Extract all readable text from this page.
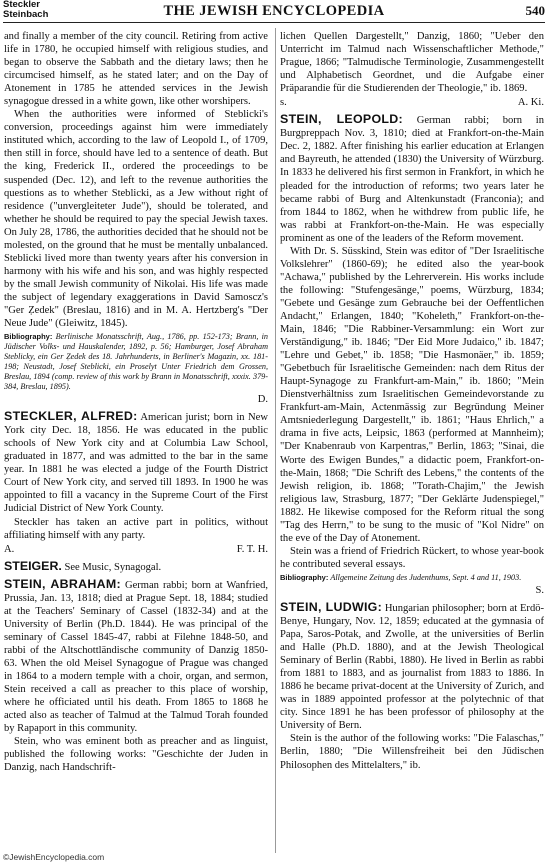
Steckler
Steinbach	THE JEWISH ENCYCLOPEDIA	540

and finally a member of the city council. Retiring from active life in 1780, he occupied himself with religious studies, and began to observe the Sabbath and the dietary laws; then he circumcised himself, as he stated later; and on the Day of Atonement in 1785 he attended services in the Jewish synagogue dressed in a white gown, like other worshipers.

When the authorities were informed of Steblicki's conversion, proceedings against him were immediately instituted which, according to the law of Leopold I., of 1709, then still in force, should have led to a sentence of death. But the king, Frederick II., ordered the proceedings to be suspended (Dec. 12), and left to the revenue authorities the questions as to whether Steblicki, as a Jew without right of residence ("unvergleiteter Jude"), should be tolerated, and whether he should be required to pay the special Jewish taxes. On July 28, 1786, the authorities decided that he should not be molested, on the ground that he must be mentally unbalanced. Steblicki lived more than twenty years after his conversion in harmony with his wife and his son, and was highly respected by the small Jewish community of Nikolai. His life was made the subject of legendary exaggerations in David Samoscz's "Ger Ẓedek" (Breslau, 1816) and in M. A. Hertzberg's "Der Neue Jude" (Gleiwitz, 1845).

Bibliography: Berlinische Monatsschrift, Aug., 1786, pp. 152-173; Brann, in Jüdischer Volks- und Hauskalender, 1892, p. 56; Hamburger, Josef Abraham Steblicky, ein Ger Ẓedek des 18. Jahrhunderts, in Berliner's Magazin, xx. 181-198; Neustadt, Josef Steblicki, ein Proselyt Unter Friedrich dem Grossen, Breslau, 1894 (comp. review of this work by Brann in Monatsschrift, xxxix. 379-384, Breslau, 1895).

D.

STECKLER, ALFRED: American jurist; born in New York city Dec. 18, 1856. He was educated in the public schools of New York city and at Columbia Law School, graduated in 1877, and was admitted to the bar in the same year. In 1881 he was elected a judge of the Fourth District Court of New York city, and served till 1893. In 1900 he was appointed to fill a vacancy in the Supreme Court of the First Judicial District of New York County.

Steckler has taken an active part in politics, without affiliating himself with any party.

A.	F. T. H.

STEIGER. See Music, Synagogal.

STEIN, ABRAHAM: German rabbi; born at Wanfried, Prussia, Jan. 13, 1818; died at Prague Sept. 18, 1884; studied at the Teachers' Seminary of Cassel (1832-34) and at the University of Berlin (Ph.D. 1844). He was principal of the seminary of Cassel 1845-47, rabbi at Filehne 1848-50, and rabbi of the Altschottländische community of Danzig 1850-63. When the old Meisel Synagogue of Prague was changed in 1864 to a modern temple with a choir, organ, and sermon, Stein received a call as preacher to this place of worship, where he officiated until his death. From 1865 to 1868 he acted also as teacher of Talmud at the Talmud Torah founded by Rapaport in this community.

Stein, who was eminent both as preacher and as linguist, published the following works: "Geschichte der Juden in Danzig, nach Handschrift-

lichen Quellen Dargestellt," Danzig, 1860; "Ueber den Unterricht im Talmud nach Wissenschaftlicher Methode," Prague, 1866; "Talmudische Terminologie, Zusammengestellt und Alphabetisch Geordnet, und die Aufgabe einer Präparandie für die Studierenden der Theologie," ib. 1869.

s.	A. Ki.

STEIN, LEOPOLD: German rabbi; born in Burgpreppach Nov. 3, 1810; died at Frankfort-on-the-Main Dec. 2, 1882. After finishing his earlier education at Erlangen and Bayreuth, he attended (1830) the University of Würzburg. In 1833 he delivered his first sermon in Frankfort, in which he pleaded for the introduction of reforms; two years later he became rabbi of Burg and Altenkunstadt (Franconia); and from 1844 to 1862, when he withdrew from public life, he was rabbi at Frankfort-on-the-Main. He was especially prominent as one of the leaders of the Reform movement.

With Dr. S. Süsskind, Stein was editor of "Der Israelitische Volkslehrer" (1860-69); he edited also the year-book "Achawa," published by the Lehrerverein. His works include the following: "Stufengesänge," poems, Würzburg, 1834; "Gebete und Gesänge zum Gebrauche bei der Oeffentlichen Andacht," Erlangen, 1840; "Koheleth," Frankfort-on-the-Main, 1846; "Die Rabbiner-Versammlung: ein Wort zur Verständigung," ib. 1846; "Der Eid More Judaico," ib. 1847; "Lehre und Gebet," ib. 1858; "Die Hasmonäer," ib. 1859; "Gebetbuch für Israelitische Gemeinden: nach dem Ritus der Haupt-Synagoge zu Frankfurt-am-Main," ib. 1860; "Mein Dienstverhältniss zum Israelitischen Gemeindevorstande zu Frankfurt-am-Main, Actenmässig zur Begründung Meiner Amtsniederlegung Dargestellt," ib. 1861; "Haus Ehrlich," a drama in five acts, Leipsic, 1863 (performed at Mannheim); "Der Knabenraub von Karpentras," Berlin, 1863; "Sinai, die Worte des Ewigen Bundes," a didactic poem, Frankfort-on-the-Main, 1868; "Die Schrift des Lebens," the contents of the Jewish religion, ib. 1868; "Torath-Chajim," the Jewish religious law, Strasburg, 1877; "Der Geklärte Judenspiegel," 1882. He likewise composed for the Reform ritual the song "Tag des Herrn," to be sung to the music of "Kol Nidre" on the eve of the Day of Atonement.

Stein was a friend of Friedrich Rückert, to whose year-book he contributed several essays.

Bibliography: Allgemeine Zeitung des Judenthums, Sept. 4 and 11, 1903.

S.

STEIN, LUDWIG: Hungarian philosopher; born at Erdö-Benye, Hungary, Nov. 12, 1859; educated at the gymnasia of Papa, Saros-Potak, and Zwolle, at the universities of Berlin and Halle (Ph.D. 1880), and at the Jewish Theological Seminary of Berlin (Rabbi, 1880). He lived in Berlin as rabbi from 1881 to 1883, and as journalist from 1883 to 1886. In 1886 he became privat-docent at the University of Zurich, and was in 1889 appointed professor at the polytechnic of that city. Since 1891 he has been professor of philosophy at the University of Bern.

Stein is the author of the following works: "Die Falaschas," Berlin, 1880; "Die Willensfreiheit bei den Jüdischen Philosophen des Mittelalters," ib.

©JewishEncyclopedia.com
